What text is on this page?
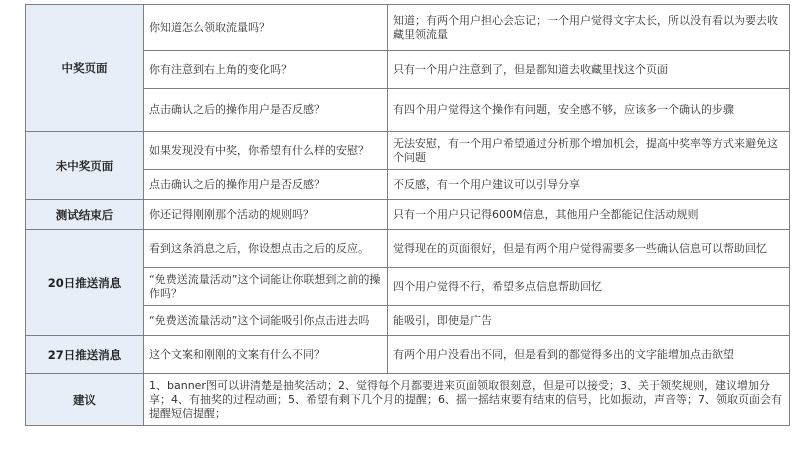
中奖页面	你知道怎么领取流量吗？	知道；有两个用户担心会忘记；一个用户觉得文字太长，所以没有看以为要去收藏里领流量
	你有注意到右上角的变化吗？	只有一个用户注意到了，但是都知道去收藏里找这个页面
	点击确认之后的操作用户是否反感？	有四个用户觉得这个操作有问题，安全感不够，应该多一个确认的步骤
未中奖页面	如果发现没有中奖，你希望有什么样的安慰？	无法安慰，有一个用户希望通过分析那个增加机会，提高中奖率等方式来避免这个问题
	点击确认之后的操作用户是否反感？	不反感，有一个用户建议可以引导分享
测试结束后	你还记得刚刚那个活动的规则吗？	只有一个用户只记得600M信息，其他用户全都能记住活动规则
20日推送消息	看到这条消息之后，你设想点击之后的反应。	觉得现在的页面很好，但是有两个用户觉得需要多一些确认信息可以帮助回忆
	“免费送流量活动”这个词能让你联想到之前的操作吗？	四个用户觉得不行，希望多点信息帮助回忆
	“免费送流量活动”这个词能吸引你点击进去吗	能吸引，即使是广告
27日推送消息	这个文案和刚刚的文案有什么不同？	有两个用户没看出不同，但是看到的都觉得多出的文字能增加点击欲望
建议	1、banner图可以讲清楚是抽奖活动；2、觉得每个月都要进来页面领取很刻意，但是可以接受；3、关于领奖规则，建议增加分享；4、有抽奖的过程动画；5、希望有剩下几个月的提醒；6、摇一摇结束要有结束的信号，比如振动，声音等；7、领取页面会有提醒短信提醒；	
